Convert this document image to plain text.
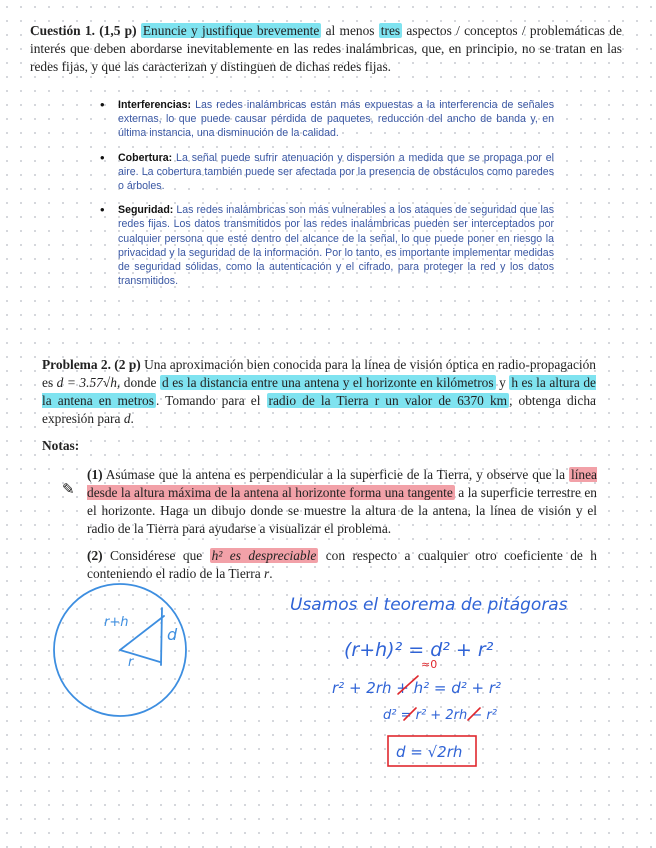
Cuestión 1. (1,5 p) Enuncie y justifique brevemente al menos tres aspectos / conceptos / problemáticas de interés que deben abordarse inevitablemente en las redes inalámbricas, que, en principio, no se tratan en las redes fijas, y que las caracterizan y distinguen de dichas redes fijas.
• Interferencias: Las redes inalámbricas están más expuestas a la interferencia de señales externas, lo que puede causar pérdida de paquetes, reducción del ancho de banda y, en última instancia, una disminución de la calidad.
• Cobertura: La señal puede sufrir atenuación y dispersión a medida que se propaga por el aire. La cobertura también puede ser afectada por la presencia de obstáculos como paredes o árboles.
• Seguridad: Las redes inalámbricas son más vulnerables a los ataques de seguridad que las redes fijas. Los datos transmitidos por las redes inalámbricas pueden ser interceptados por cualquier persona que esté dentro del alcance de la señal, lo que puede poner en riesgo la privacidad y la seguridad de la información. Por lo tanto, es importante implementar medidas de seguridad sólidas, como la autenticación y el cifrado, para proteger la red y los datos transmitidos.
Problema 2. (2 p) Una aproximación bien conocida para la línea de visión óptica en radio-propagación es d = 3.57√h, donde d es la distancia entre una antena y el horizonte en kilómetros y h es la altura de la antena en metros . Tomando para el radio de la Tierra r un valor de 6370 km , obtenga dicha expresión para d.
Notas:
✎
(1) Asúmase que la antena es perpendicular a la superficie de la Tierra, y observe que la línea desde la altura máxima de la antena al horizonte forma una tangente a la superficie terrestre en el horizonte. Haga un dibujo donde se muestre la altura de la antena, la línea de visión y el radio de la Tierra para ayudarse a visualizar el problema.
(2) Considérese que h² es despreciable con respecto a cualquier otro coeficiente de h conteniendo el radio de la Tierra r.
r+h
d
r
Usamos el teorema de pitágoras
(r+h)² = d² + r²
r² + 2rh + h² = d² + r²
d² = r² + 2rh − r²
≈0
d = √2rh
